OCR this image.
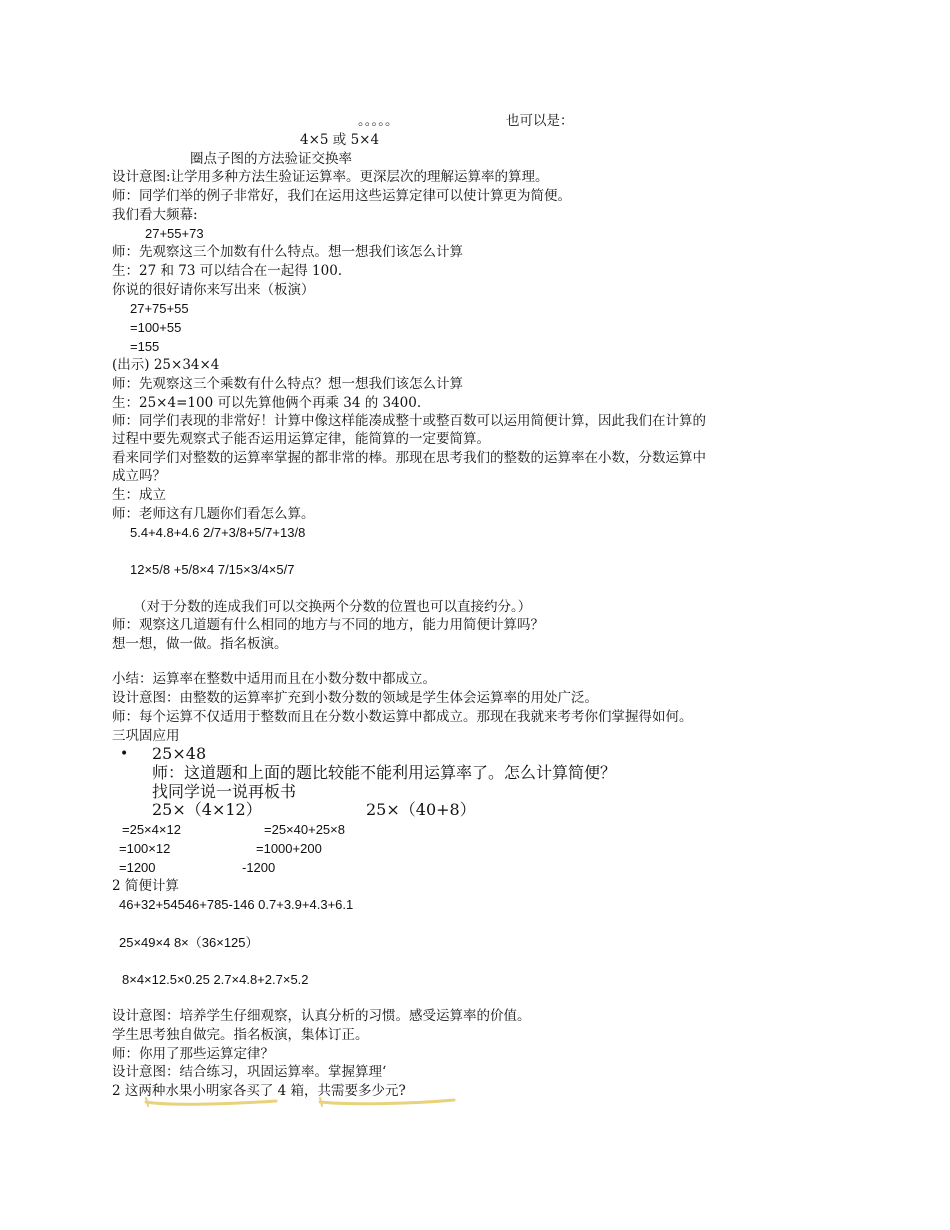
。。。。。	也可以是：
4×5 或 5×4
圈点子图的方法验证交换率
设计意图:让学用多种方法生验证运算率。更深层次的理解运算率的算理。
师：同学们举的例子非常好，我们在运用这些运算定律可以使计算更为简便。
我们看大频幕:
27+55+73
师：先观察这三个加数有什么特点。想一想我们该怎么计算
生：27 和 73 可以结合在一起得 100.
你说的很好请你来写出来（板演）
27+75+55
=100+55
=155
(出示) 25×34×4
师：先观察这三个乘数有什么特点？想一想我们该怎么计算
生：25×4=100 可以先算他俩个再乘 34 的 3400.
师：同学们表现的非常好！计算中像这样能凑成整十或整百数可以运用简便计算，因此我们在计算的
过程中要先观察式子能否运用运算定律，能简算的一定要简算。
看来同学们对整数的运算率掌握的都非常的棒。那现在思考我们的整数的运算率在小数，分数运算中
成立吗？
生：成立
师：老师这有几题你们看怎么算。
5.4+4.8+4.6 2/7+3/8+5/7+13/8
12×5/8 +5/8×4 7/15×3/4×5/7
（对于分数的连成我们可以交换两个分数的位置也可以直接约分。）
师：观察这几道题有什么相同的地方与不同的地方，能力用简便计算吗？
想一想，做一做。指名板演。
小结：运算率在整数中适用而且在小数分数中都成立。
设计意图：由整数的运算率扩充到小数分数的领域是学生体会运算率的用处广泛。
师：每个运算不仅适用于整数而且在分数小数运算中都成立。那现在我就来考考你们掌握得如何。
三巩固应用
• 25×48
师：这道题和上面的题比较能不能利用运算率了。怎么计算简便？
找同学说一说再板书
25×（4×12）	25×（40+8）
=25×4×12	=25×40+25×8
=100×12	=1000+200
=1200	-1200
2 简便计算
46+32+54546+785-146 0.7+3.9+4.3+6.1
25×49×4 8×（36×125）
8×4×12.5×0.25 2.7×4.8+2.7×5.2
设计意图：培养学生仔细观察，认真分析的习惯。感受运算率的价值。
学生思考独自做完。指名板演，集体订正。
师：你用了那些运算定律？
设计意图：结合练习，巩固运算率。掌握算理‘
2 这两种水果小明家各买了 4 箱，共需要多少元?
